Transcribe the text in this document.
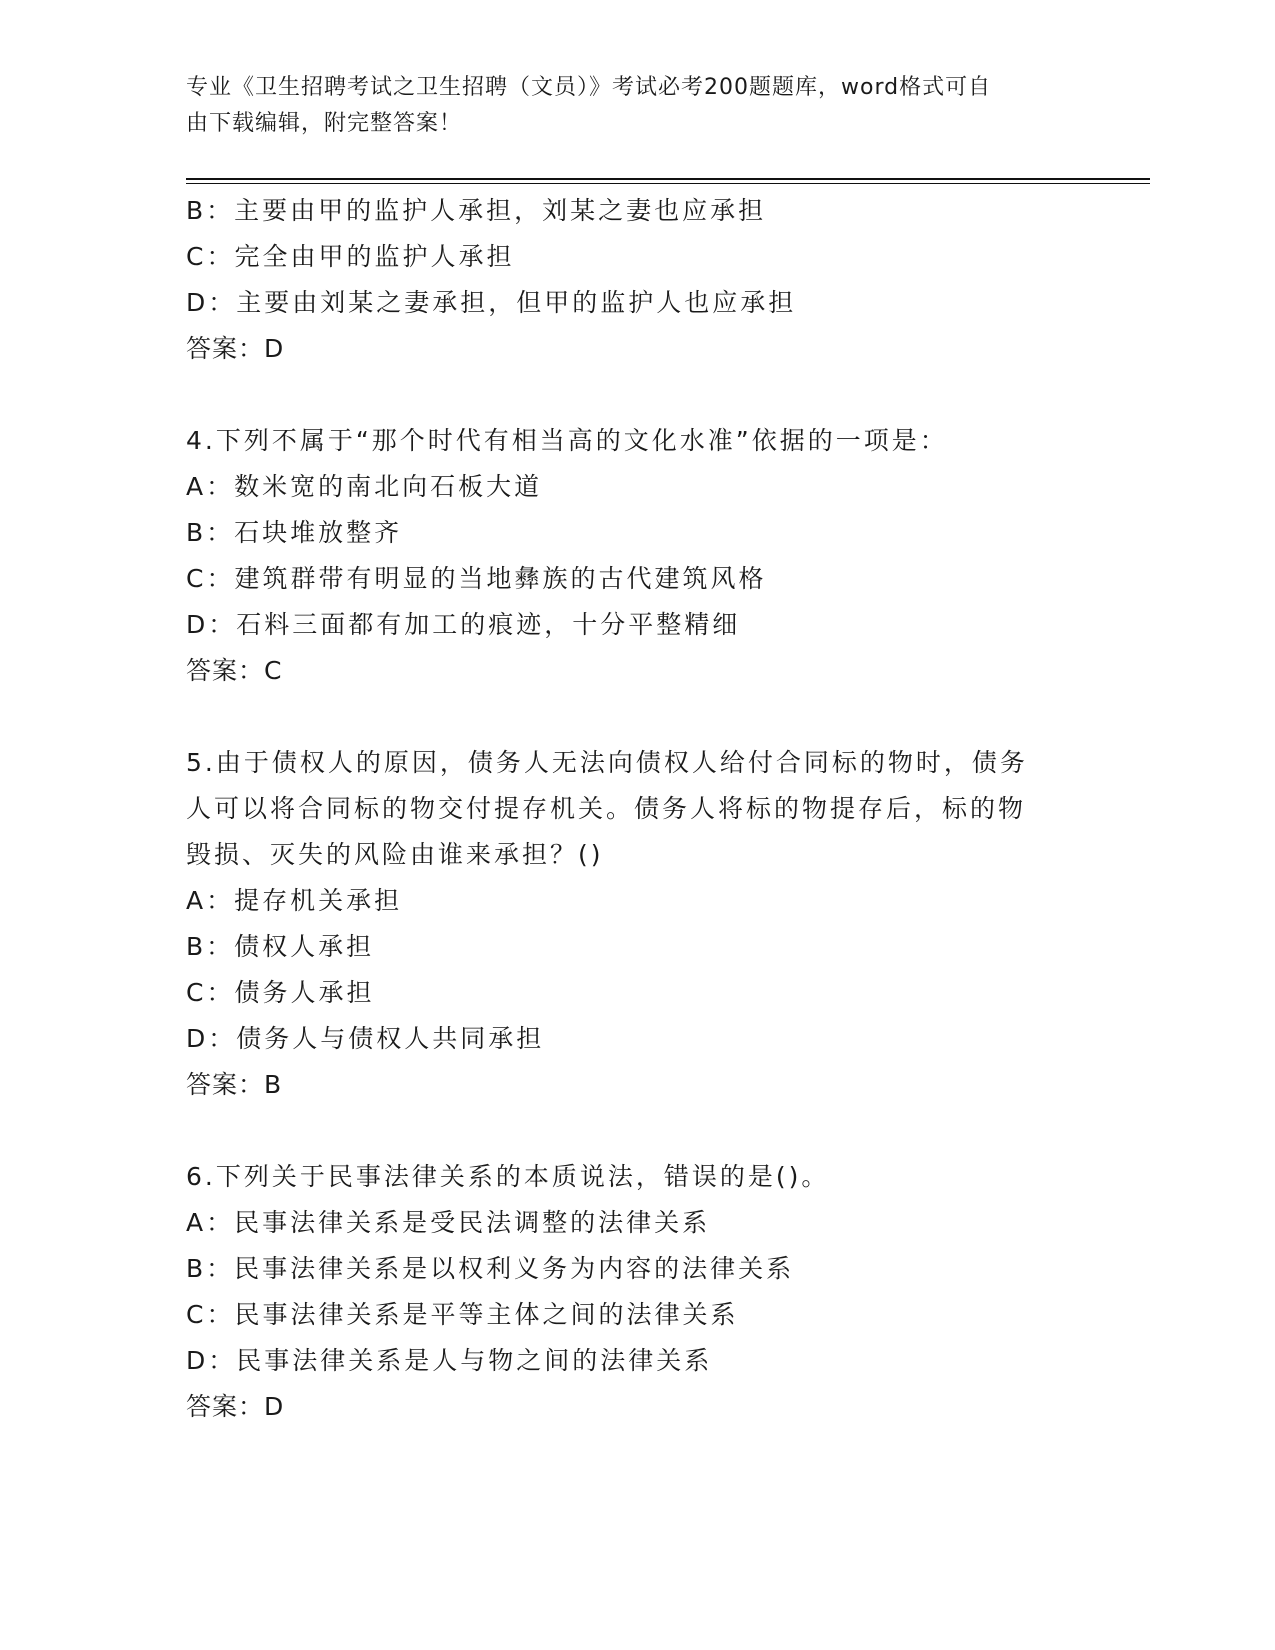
专业《卫生招聘考试之卫生招聘（文员）》考试必考200题题库，word格式可自
由下载编辑，附完整答案！
B：主要由甲的监护人承担，刘某之妻也应承担
C：完全由甲的监护人承担
D：主要由刘某之妻承担，但甲的监护人也应承担
答案：D
4.下列不属于“那个时代有相当高的文化水准”依据的一项是：
A：数米宽的南北向石板大道
B：石块堆放整齐
C：建筑群带有明显的当地彝族的古代建筑风格
D：石料三面都有加工的痕迹，十分平整精细
答案：C
5.由于债权人的原因，债务人无法向债权人给付合同标的物时，债务
人可以将合同标的物交付提存机关。债务人将标的物提存后，标的物
毁损、灭失的风险由谁来承担？()
A：提存机关承担
B：债权人承担
C：债务人承担
D：债务人与债权人共同承担
答案：B
6.下列关于民事法律关系的本质说法，错误的是()。
A：民事法律关系是受民法调整的法律关系
B：民事法律关系是以权利义务为内容的法律关系
C：民事法律关系是平等主体之间的法律关系
D：民事法律关系是人与物之间的法律关系
答案：D
